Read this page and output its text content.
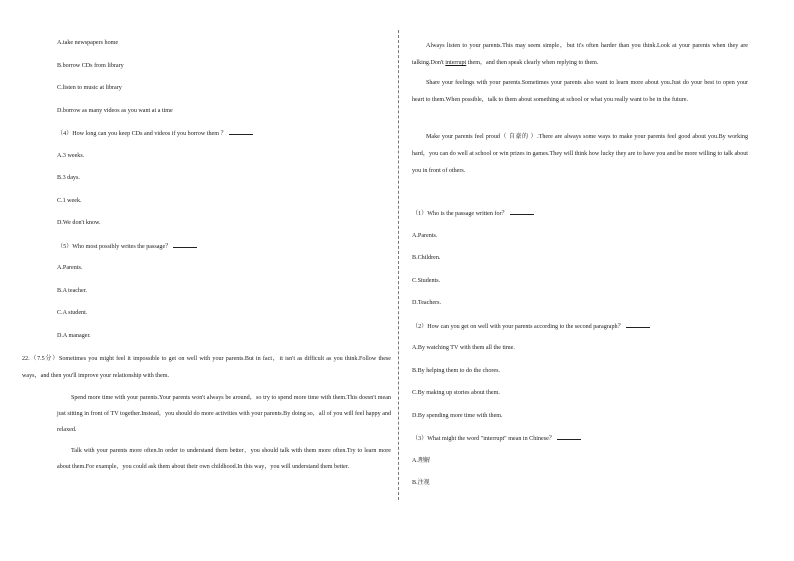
A.take newspapers home
B.borrow CDs from library
C.listen to music at library
D.borrow as many videos as you want at a time
（4）How long can you keep CDs and videos if you borrow them ？
A.3 weeks.
B.3 days.
C.1 week.
D.We don't know.
（5）Who most possibly writes the passage？
A.Parents.
B.A teacher.
C.A student.
D.A manager.
22.（7.5分）Sometimes you might feel it impossible to get on well with your parents.But in fact，it isn't as difficult as you think.Follow these ways，and then you'll improve your relationship with them.
Spend more time with your parents.Your parents won't always be around，so try to spend more time with them.This doesn't mean just sitting in front of TV together.Instead，you should do more activities with your parents.By doing so，all of you will feel happy and relaxed.
Talk with your parents more often.In order to understand them better，you should talk with them more often.Try to learn more about them.For example，you could ask them about their own childhood.In this way，you will understand them better.
Always listen to your parents.This may seem simple，but it's often harder than you think.Look at your parents when they are talking.Don't interrupt them，and then speak clearly when replying to them.
Share your feelings with your parents.Sometimes your parents also want to learn more about you.Just do your best to open your heart to them.When possible，talk to them about something at school or what you really want to be in the future.
Make your parents feel proud（ 自豪的 ）.There are always some ways to make your parents feel good about you.By working hard，you can do well at school or win prizes in games.They will think how lucky they are to have you and be more willing to talk about you in front of others.
（1）Who is the passage written for？
A.Parents.
B.Children.
C.Students.
D.Teachers.
（2）How can you get on well with your parents according to the second paragraph？
A.By watching TV with them all the time.
B.By helping them to do the chores.
C.By making up stories about them.
D.By spending more time with them.
（3）What might the word "interrupt" mean in Chinese？
A.理解
B.注视
